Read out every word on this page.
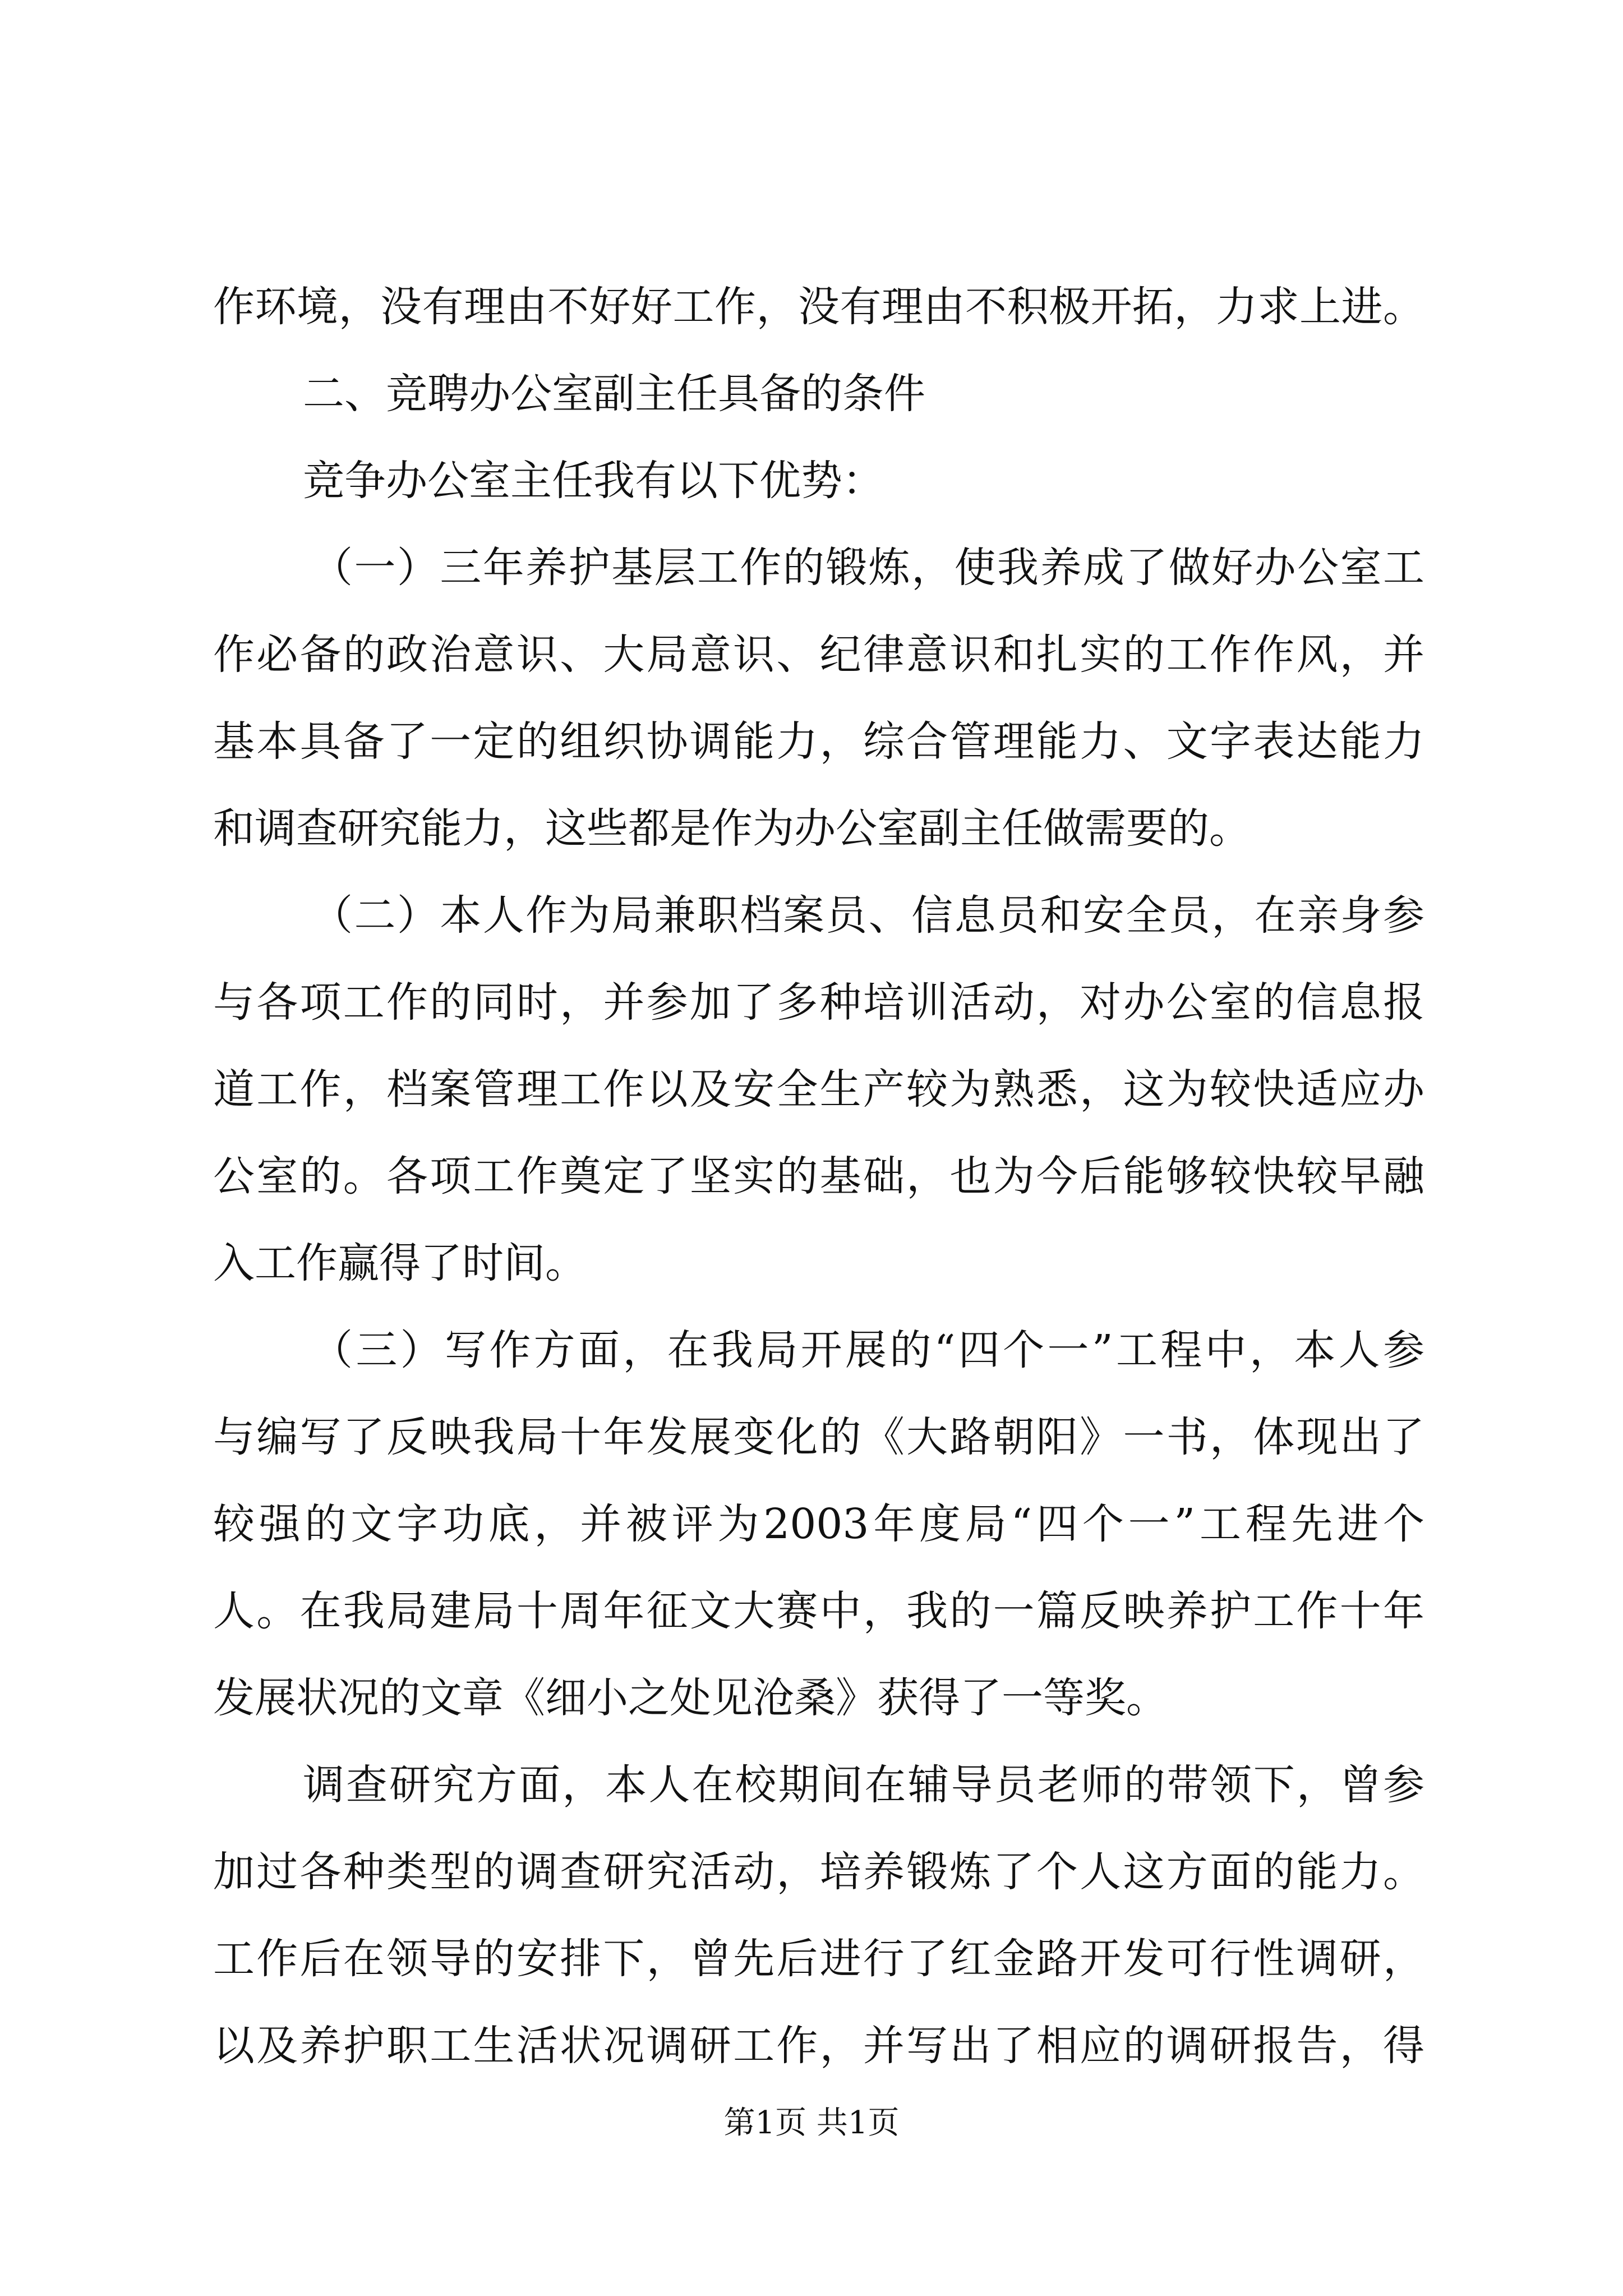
作环境，没有理由不好好工作，没有理由不积极开拓，力求上进。
二、竞聘办公室副主任具备的条件
竞争办公室主任我有以下优势：
（一）三年养护基层工作的锻炼，使我养成了做好办公室工
作必备的政治意识、大局意识、纪律意识和扎实的工作作风，并
基本具备了一定的组织协调能力，综合管理能力、文字表达能力
和调查研究能力，这些都是作为办公室副主任做需要的。
（二）本人作为局兼职档案员、信息员和安全员，在亲身参
与各项工作的同时，并参加了多种培训活动，对办公室的信息报
道工作，档案管理工作以及安全生产较为熟悉，这为较快适应办
公室的。各项工作奠定了坚实的基础，也为今后能够较快较早融
入工作赢得了时间。
（三）写作方面，在我局开展的“四个一”工程中，本人参
与编写了反映我局十年发展变化的《大路朝阳》一书，体现出了
较强的文字功底，并被评为2003年度局“四个一”工程先进个
人。在我局建局十周年征文大赛中，我的一篇反映养护工作十年
发展状况的文章《细小之处见沧桑》获得了一等奖。
调查研究方面，本人在校期间在辅导员老师的带领下，曾参
加过各种类型的调查研究活动，培养锻炼了个人这方面的能力。
工作后在领导的安排下，曾先后进行了红金路开发可行性调研，
以及养护职工生活状况调研工作，并写出了相应的调研报告，得
第1页 共1页
